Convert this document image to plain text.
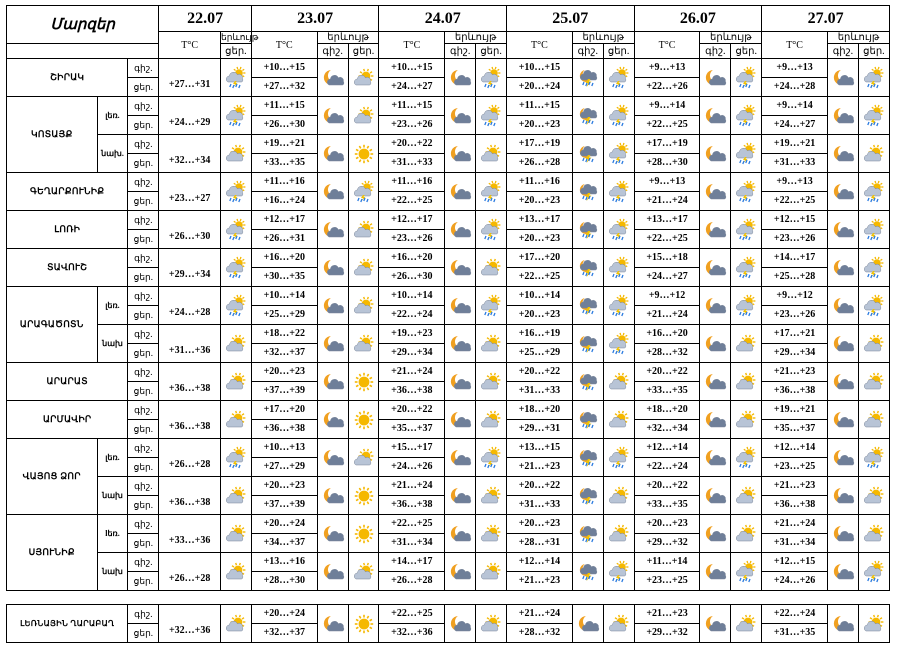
Մարզեր			22.07		23.07			24.07			25.07			26.07			27.07		
			T°C	երևույթ	T°C	երևույթ		T°C	երևույթ		T°C	երևույթ		T°C	երևույթ		T°C	երևույթ	
				ցեր.		գիշ.	ցեր.		գիշ.	ցեր.		գիշ.	ցեր.		գիշ.	ցեր.		գիշ.	ցեր.
ՇԻՐԱԿ		գիշ.	+27…+31		+10…+15			+10…+15			+10…+15			+9…+13			+9…+13		
		ցեր.			+27…+32			+24…+27			+20…+24			+22…+26			+24…+28		
ԿՈՏԱՅՔ	լեռ.	գիշ.	+24…+29		+11…+15			+11…+15			+11…+15			+9…+14			+9…+14		
		ցեր.			+26…+30			+23…+26			+20…+23			+22…+25			+24…+27		
	նախ.	գիշ.	+32…+34		+19…+21			+20…+22			+17…+19			+17…+19			+19…+21		
		ցեր.			+33…+35			+31…+33			+26…+28			+28…+30			+31…+33		
ԳԵՂԱՐՔՈՒՆԻՔ		գիշ.	+23…+27		+11…+16			+11…+16			+11…+16			+9…+13			+9…+13		
		ցեր.			+16…+24			+22…+25			+20…+23			+21…+24			+22…+25		
ԼՈՌԻ		գիշ.	+26…+30		+12…+17			+12…+17			+13…+17			+13…+17			+12…+15		
		ցեր.			+26…+31			+23…+26			+20…+23			+22…+25			+23…+26		
ՏԱՎՈՒՇ		գիշ.	+29…+34		+16…+20			+16…+20			+17…+20			+15…+18			+14…+17		
		ցեր.			+30…+35			+26…+30			+22…+25			+24…+27			+25…+28		
ԱՐԱԳԱԾՈՏՆ	լեռ.	գիշ.	+24…+28		+10…+14			+10…+14			+10…+14			+9…+12			+9…+12		
		ցեր.			+25…+29			+22…+24			+20…+23			+21…+24			+23…+26		
	նախ	գիշ.	+31…+36		+18…+22			+19…+23			+16…+19			+16…+20			+17…+21		
		ցեր.			+32…+37			+29…+34			+25…+29			+28…+32			+29…+34		
ԱՐԱՐԱՏ		գիշ.	+36…+38		+20…+23			+21…+24			+20…+22			+20…+22			+21…+23		
		ցեր.			+37…+39			+36…+38			+31…+33			+33…+35			+36…+38		
ԱՐՄԱՎԻՐ		գիշ.	+36…+38		+17…+20			+20…+22			+18…+20			+18…+20			+19…+21		
		ցեր.			+36…+38			+35…+37			+29…+31			+32…+34			+35…+37		
ՎԱՅՈՑ ՁՈՐ	լեռ.	գիշ.	+26…+28		+10…+13			+15…+17			+13…+15			+12…+14			+12…+14		
		ցեր.			+27…+29			+24…+26			+21…+23			+22…+24			+23…+25		
	նախ	գիշ.	+36…+38		+20…+23			+21…+24			+20…+22			+20…+22			+21…+23		
		ցեր.			+37…+39			+36…+38			+31…+33			+33…+35			+36…+38		
ՍՅՈՒՆԻՔ	lեռ.	գիշ.	+33…+36		+20…+24			+22…+25			+20…+23			+20…+23			+21…+24		
		ցեր.			+34…+37			+31…+34			+28…+31			+29…+32			+31…+34		
	նախ	գիշ.	+26…+28		+13…+16			+14…+17			+12…+14			+11…+14			+12…+15		
		ցեր.			+28…+30			+26…+28			+21…+23			+23…+25			+24…+26		
ԼԵՌՆԱՅԻՆ ՂԱՐԱԲԱՂ	գիշ.	+32…+36		+20…+24			+22…+25			+21…+24			+21…+23			+22…+24		
	ցեր.			+32…+37			+32…+36			+28…+32			+29…+32			+31…+35		
